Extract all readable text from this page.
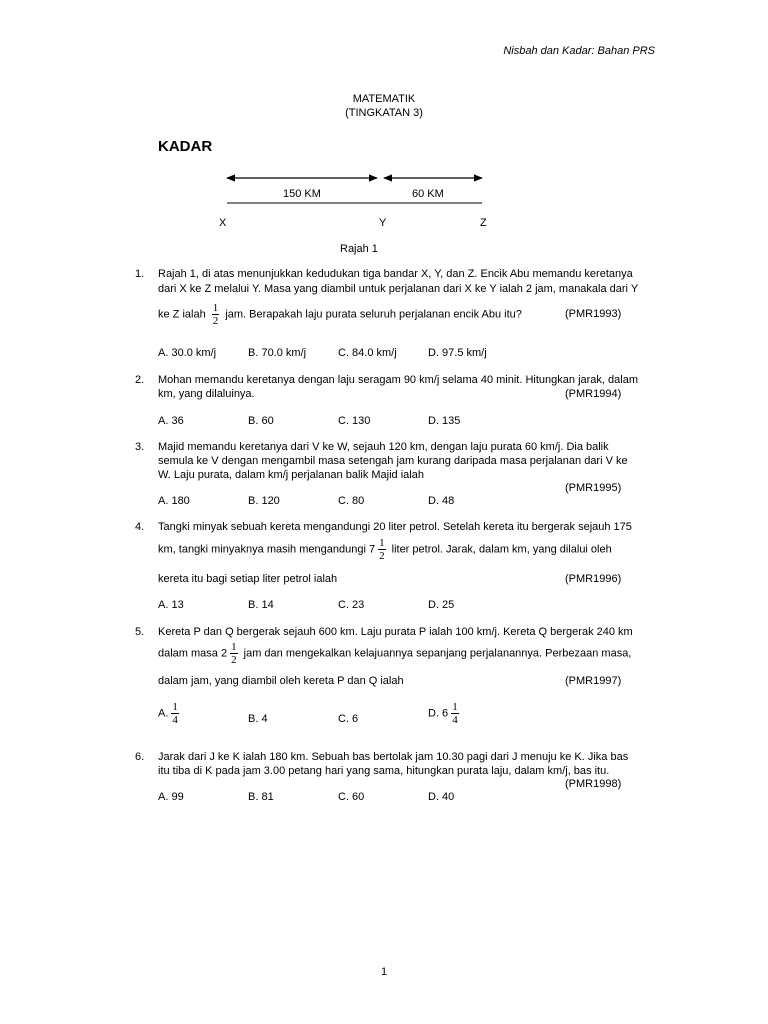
Nisbah dan Kadar: Bahan PRS
MATEMATIK
(TINGKATAN 3)
KADAR
150 KM	60 KM
X	Y	Z
Rajah 1
1. Rajah 1, di atas menunjukkan kedudukan tiga bandar X, Y, dan Z. Encik Abu memandu keretanya
dari X ke Z melalui Y. Masa yang diambil untuk perjalanan dari X ke Y ialah 2 jam, manakala dari Y
ke Z ialah $\frac{1}{2}$ jam. Berapakah laju purata seluruh perjalanan encik Abu itu?	(PMR1993)
A. 30.0 km/j	B. 70.0 km/j	C. 84.0 km/j	D. 97.5 km/j
2. Mohan memandu keretanya dengan laju seragam 90 km/j selama 40 minit. Hitungkan jarak, dalam
km, yang dilaluinya.	(PMR1994)
A. 36	B. 60	C. 130	D. 135
3. Majid memandu keretanya dari V ke W, sejauh 120 km, dengan laju purata 60 km/j. Dia balik
semula ke V dengan mengambil masa setengah jam kurang daripada masa perjalanan dari V ke
W. Laju purata, dalam km/j perjalanan balik Majid ialah
(PMR1995)
A. 180	B. 120	C. 80	D. 48
4. Tangki minyak sebuah kereta mengandungi 20 liter petrol. Setelah kereta itu bergerak sejauh 175
km, tangki minyaknya masih mengandungi $7 \frac{1}{2}$ liter petrol. Jarak, dalam km, yang dilalui oleh
kereta itu bagi setiap liter petrol ialah	(PMR1996)
A. 13	B. 14	C. 23	D. 25
5. Kereta P dan Q bergerak sejauh 600 km. Laju purata P ialah 100 km/j. Kereta Q bergerak 240 km
dalam masa $2 \frac{1}{2}$ jam dan mengekalkan kelajuannya sepanjang perjalanannya. Perbezaan masa,
dalam jam, yang diambil oleh kereta P dan Q ialah	(PMR1997)
A. $\frac{1}{4}$	B. 4	C. 6	D. $6 \frac{1}{4}$
6. Jarak dari J ke K ialah 180 km. Sebuah bas bertolak jam 10.30 pagi dari J menuju ke K. Jika bas
itu tiba di K pada jam 3.00 petang hari yang sama, hitungkan purata laju, dalam km/j, bas itu.
(PMR1998)
A. 99	B. 81	C. 60	D. 40
1
